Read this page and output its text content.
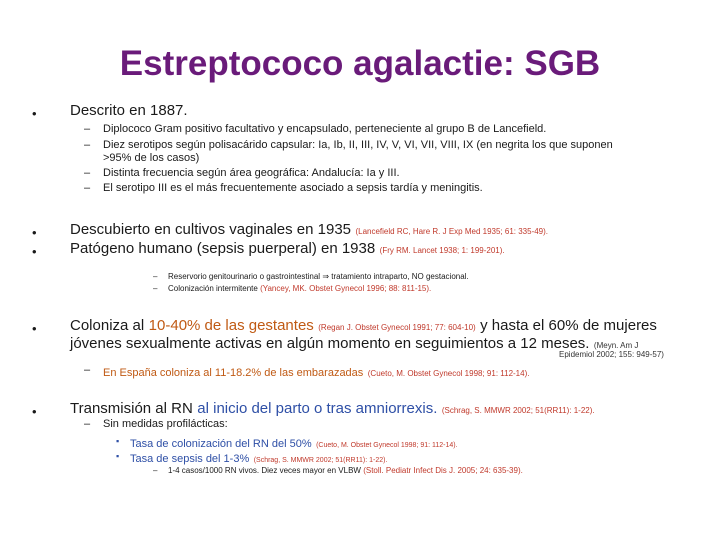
Estreptococo agalactie: SGB
• Descrito en 1887.
– Diplococo Gram positivo facultativo y encapsulado, perteneciente al grupo B de Lancefield.
– Diez serotipos según polisacárido capsular: Ia, Ib, II, III, IV, V, VI, VII, VIII, IX (en negrita los que suponen
>95% de los casos)
– Distinta frecuencia según área geográfica: Andalucía: Ia y III.
– El serotipo III es el más frecuentemente asociado a sepsis tardía y meningitis.
• Descubierto en cultivos vaginales en 1935 (Lancefield RC, Hare R. J Exp Med 1935; 61: 335-49).
• Patógeno humano (sepsis puerperal) en 1938 (Fry RM. Lancet 1938; 1: 199-201).
– Reservorio genitourinario o gastrointestinal ⇒ tratamiento intraparto, NO gestacional.
– Colonización intermitente (Yancey, MK. Obstet Gynecol 1996; 88: 811-15).
• Coloniza al 10-40% de las gestantes (Regan J. Obstet Gynecol 1991; 77: 604-10) y hasta el 60% de mujeres
jóvenes sexualmente activas en algún momento en seguimientos a 12 meses. (Meyn. Am J
Epidemiol 2002; 155: 949-57)
– En España coloniza al 11-18.2% de las embarazadas (Cueto, M. Obstet Gynecol 1998; 91: 112-14).
• Transmisión al RN al inicio del parto o tras amniorrexis. (Schrag, S. MMWR 2002; 51(RR11): 1-22).
– Sin medidas profilácticas:
▪ Tasa de colonización del RN del 50% (Cueto, M. Obstet Gynecol 1998; 91: 112-14).
▪ Tasa de sepsis del 1-3% (Schrag, S. MMWR 2002; 51(RR11): 1-22).
– 1-4 casos/1000 RN vivos. Diez veces mayor en VLBW (Stoll. Pediatr Infect Dis J. 2005; 24: 635-39).
